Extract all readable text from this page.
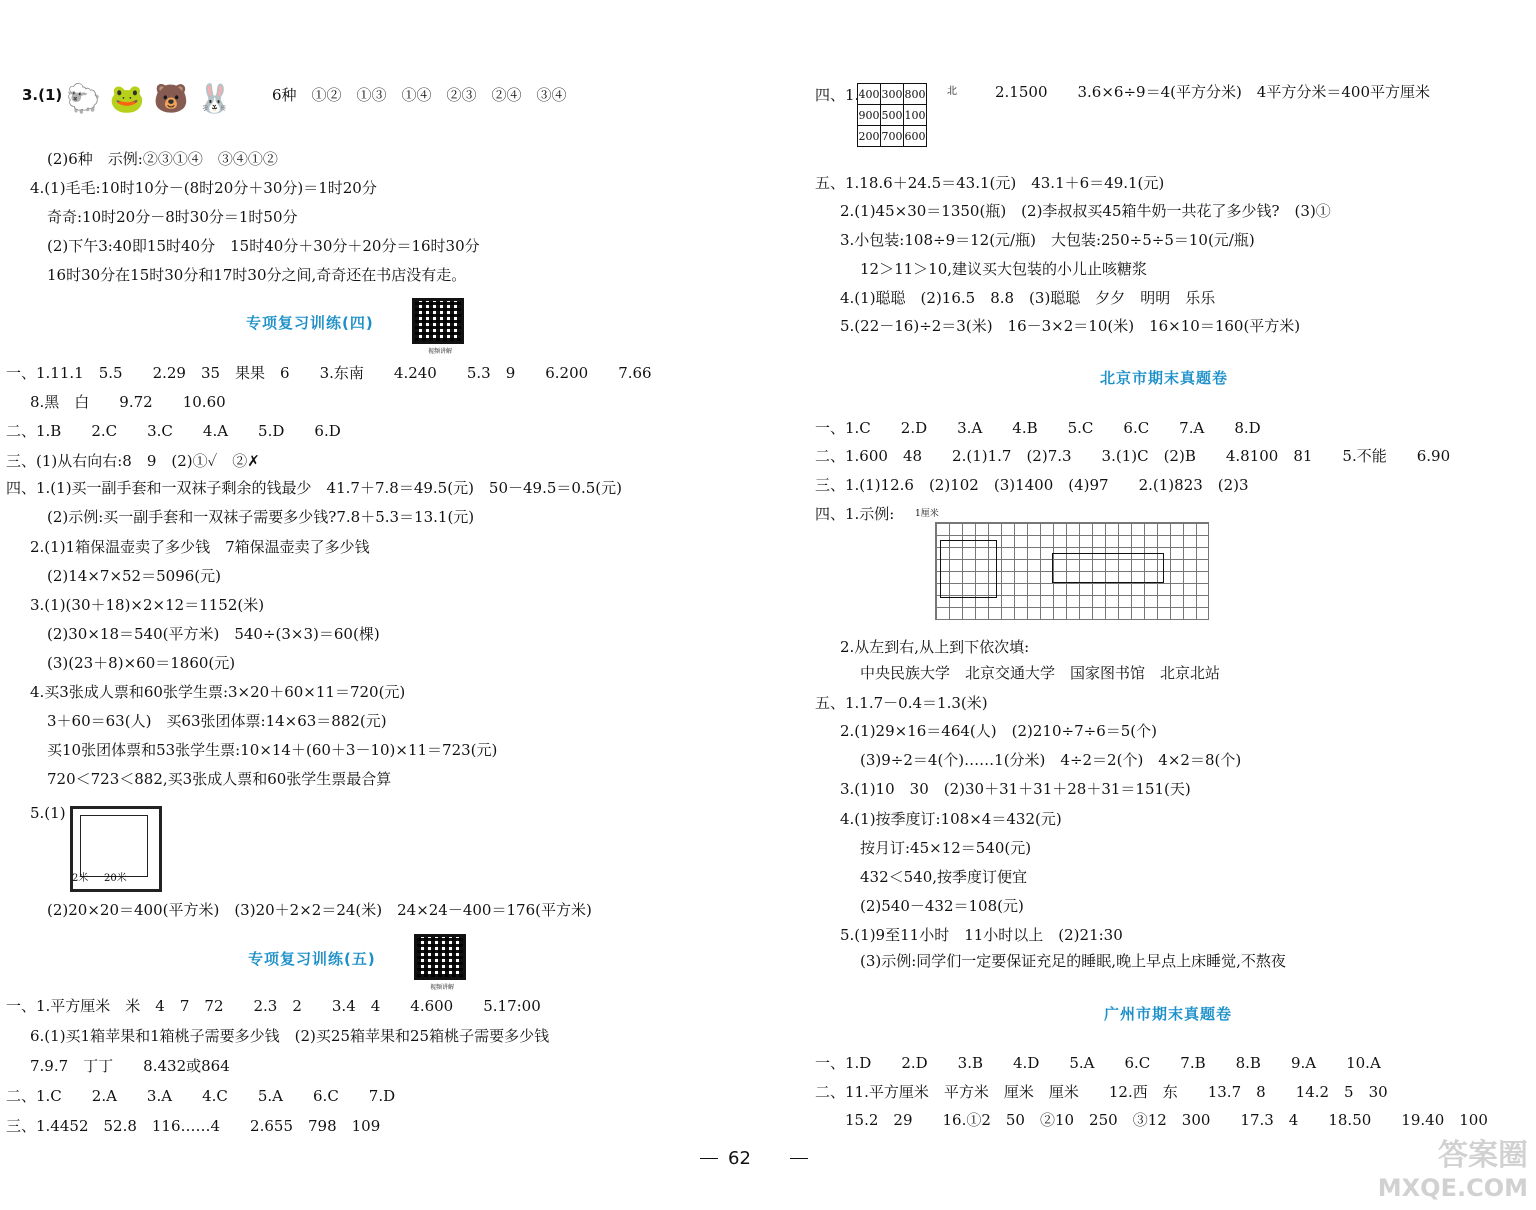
3.(1) 🐑 🐸 🐻 🐰	6种　①②　①③　①④　②③　②④　③④
(2)6种　示例:②③①④　③④①②
4.(1)毛毛:10时10分－(8时20分＋30分)＝1时20分
奇奇:10时20分－8时30分＝1时50分
(2)下午3:40即15时40分　15时40分＋30分＋20分＝16时30分
16时30分在15时30分和17时30分之间,奇奇还在书店没有走。
专项复习训练(四)
视频讲解
一、1.11.1　5.5　　2.29　35　果果　6　　3.东南　　4.240　　5.3　9　　6.200　　7.66
8.黑　白　　9.72　　10.60
二、1.B　　2.C　　3.C　　4.A　　5.D　　6.D
三、(1)从右向右:8　9　(2)①✓　②✗
四、1.(1)买一副手套和一双袜子剩余的钱最少　41.7＋7.8＝49.5(元)　50－49.5＝0.5(元)
(2)示例:买一副手套和一双袜子需要多少钱?7.8＋5.3＝13.1(元)
2.(1)1箱保温壶卖了多少钱　7箱保温壶卖了多少钱
(2)14×7×52＝5096(元)
3.(1)(30＋18)×2×12＝1152(米)
(2)30×18＝540(平方米)　540÷(3×3)＝60(棵)
(3)(23＋8)×60＝1860(元)
4.买3张成人票和60张学生票:3×20＋60×11＝720(元)
3＋60＝63(人)　买63张团体票:14×63＝882(元)
买10张团体票和53张学生票:10×14＋(60＋3－10)×11＝723(元)
720＜723＜882,买3张成人票和60张学生票最合算
5.(1)
2米 20米
(2)20×20＝400(平方米)　(3)20＋2×2＝24(米)　24×24－400＝176(平方米)
专项复习训练(五)
视频讲解
一、1.平方厘米　米　4　7　72　　2.3　2　　3.4　4　　4.600　　5.17:00
6.(1)买1箱苹果和1箱桃子需要多少钱　(2)买25箱苹果和25箱桃子需要多少钱
7.9.7　丁丁　　8.432或864
二、1.C　　2.A　　3.A　　4.C　　5.A　　6.C　　7.D
三、1.4452　52.8　116……4　　2.655　798　109
四、1. 400	300	800
900	500	100
200	700	600
北	2.1500　　3.6×6÷9＝4(平方分米)　4平方分米＝400平方厘米
五、1.18.6＋24.5＝43.1(元)　43.1＋6＝49.1(元)
2.(1)45×30＝1350(瓶)　(2)李叔叔买45箱牛奶一共花了多少钱?　(3)①
3.小包装:108÷9＝12(元/瓶)　大包装:250÷5÷5＝10(元/瓶)
12＞11＞10,建议买大包装的小儿止咳糖浆
4.(1)聪聪　(2)16.5　8.8　(3)聪聪　夕夕　明明　乐乐
5.(22－16)÷2＝3(米)　16－3×2＝10(米)　16×10＝160(平方米)
北京市期末真题卷
一、1.C　　2.D　　3.A　　4.B　　5.C　　6.C　　7.A　　8.D
二、1.600　48　　2.(1)1.7　(2)7.3　　3.(1)C　(2)B　　4.8100　81　　5.不能　　6.90
三、1.(1)12.6　(2)102　(3)1400　(4)97　　2.(1)823　(2)3
四、1.示例: 1厘米
2.从左到右,从上到下依次填:
中央民族大学　北京交通大学　国家图书馆　北京北站
五、1.1.7－0.4＝1.3(米)
2.(1)29×16＝464(人)　(2)210÷7÷6＝5(个)
(3)9÷2＝4(个)……1(分米)　4÷2＝2(个)　4×2＝8(个)
3.(1)10　30　(2)30＋31＋31＋28＋31＝151(天)
4.(1)按季度订:108×4＝432(元)
按月订:45×12＝540(元)
432＜540,按季度订便宜
(2)540－432＝108(元)
5.(1)9至11小时　11小时以上　(2)21:30
(3)示例:同学们一定要保证充足的睡眠,晚上早点上床睡觉,不熬夜
广州市期末真题卷
一、1.D　　2.D　　3.B　　4.D　　5.A　　6.C　　7.B　　8.B　　9.A　　10.A
二、11.平方厘米　平方米　厘米　厘米　　12.西　东　　13.7　8　　14.2　5　30
15.2　29　　16.①2　50　②10　250　③12　300　　17.3　4　　18.50　　19.40　100
62	答案圈
MXQE.COM
